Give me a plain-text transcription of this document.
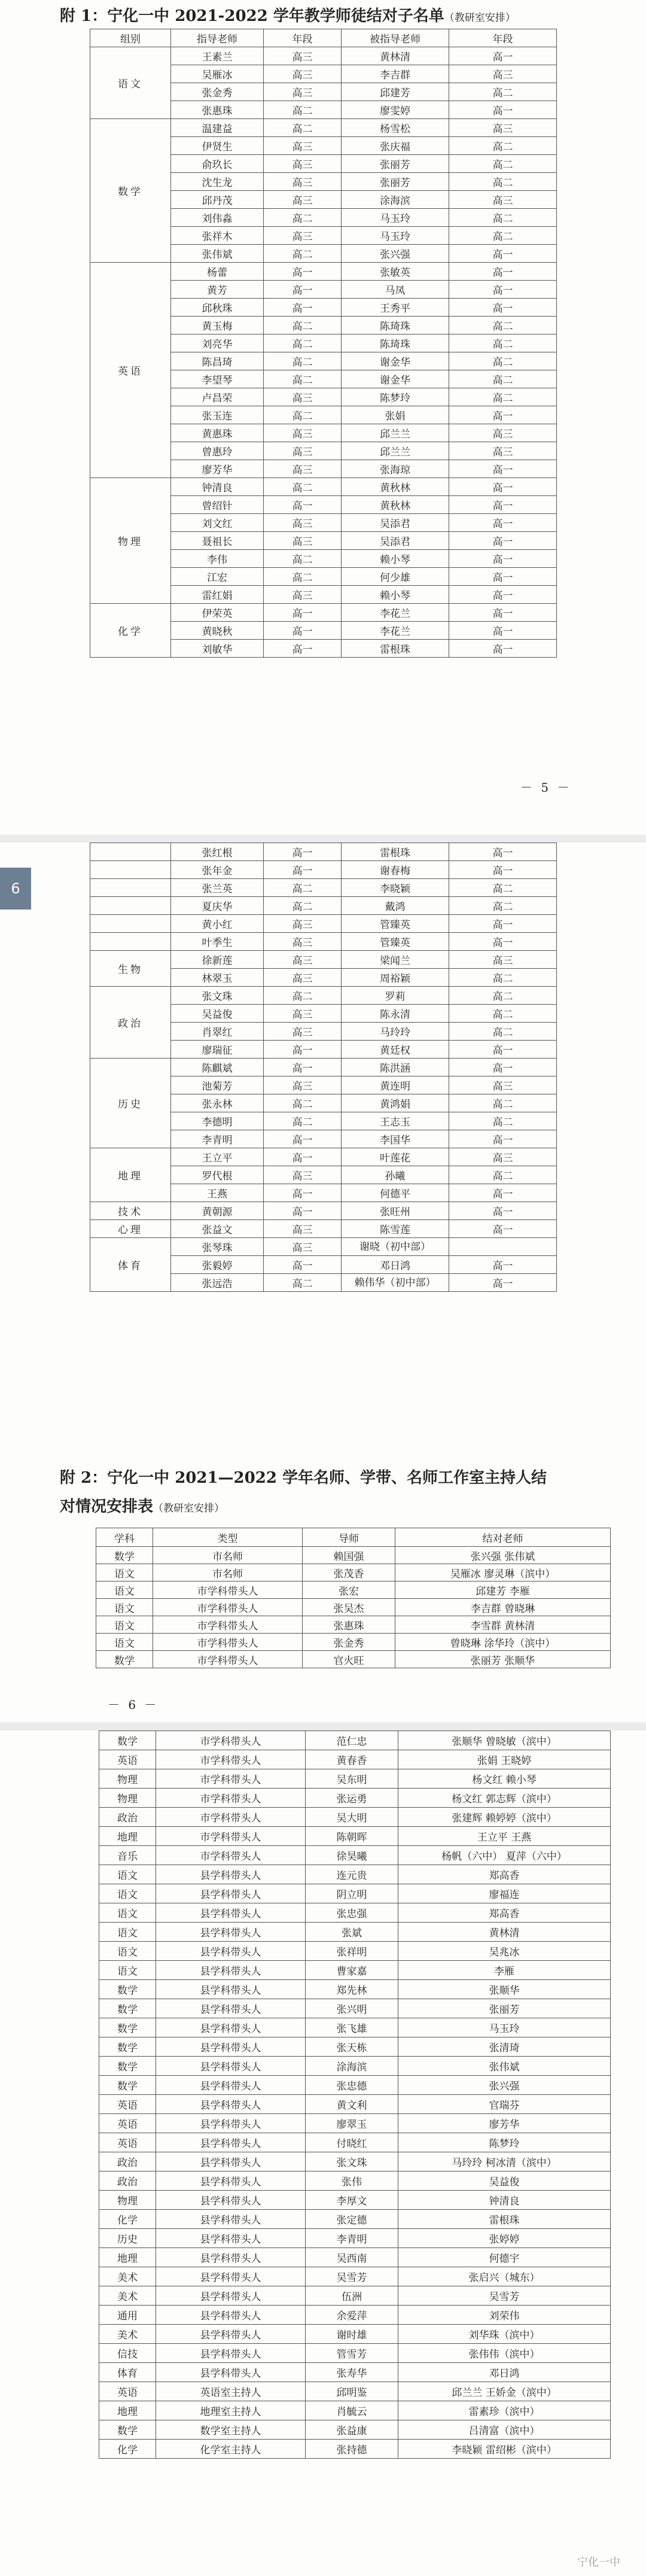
附 1：宁化一中 2021-2022 学年教学师徒结对子名单（教研室安排）
组别	指导老师	年段	被指导老师	年段
语文	王素兰	高三	黄林清	高一
	吴雁冰	高三	李吉群	高三
	张金秀	高三	邱建芳	高二
	张惠珠	高二	廖雯婷	高一
数学	温建益	高二	杨雪松	高三
	伊贤生	高三	张庆福	高二
	俞玖长	高三	张丽芳	高二
	沈生龙	高三	张丽芳	高二
	邱丹茂	高三	涂海滨	高三
	刘伟淼	高二	马玉玲	高二
	张祥木	高三	马玉玲	高二
	张伟斌	高二	张兴强	高一
英语	杨蕾	高一	张敏英	高一
	黄芳	高一	马凤	高一
	邱秋珠	高一	王秀平	高一
	黄玉梅	高二	陈琦珠	高二
	刘亮华	高二	陈琦珠	高二
	陈昌琦	高二	谢金华	高二
	李望琴	高二	谢金华	高二
	卢昌荣	高三	陈梦玲	高二
	张玉连	高二	张娟	高一
	黄惠珠	高三	邱兰兰	高三
	曾惠玲	高三	邱兰兰	高三
	廖芳华	高三	张海琼	高一
物理	钟清良	高二	黄秋林	高一
	曾绍针	高一	黄秋林	高一
	刘文红	高三	吴添君	高一
	聂祖长	高三	吴添君	高一
	李伟	高二	赖小琴	高一
	江宏	高二	何少雄	高一
	雷红娟	高三	赖小琴	高一
化学	伊荣英	高一	李花兰	高一
	黄晓秋	高一	李花兰	高一
	刘敏华	高一	雷根珠	高一
－ 5 －
	张红根	高一	雷根珠	高一
	张年金	高一	谢春梅	高一
	张兰英	高二	李晓颖	高二
	夏庆华	高二	戴鸿	高二
	黄小红	高三	管臻英	高一
	叶季生	高三	管臻英	高一
生物	徐新莲	高三	梁闻兰	高三
	林翠玉	高三	周裕颖	高二
政治	张文珠	高二	罗莉	高二
	吴益俊	高三	陈永清	高二
	肖翠红	高三	马玲玲	高二
	廖瑞征	高一	黄廷权	高一
历史	陈麒斌	高一	陈洪涵	高一
	池菊芳	高三	黄连明	高三
	张永林	高二	黄鸿娟	高二
	李德明	高二	王志玉	高二
	李青明	高一	李国华	高一
地理	王立平	高一	叶莲花	高三
	罗代根	高三	孙曦	高二
	王燕	高一	何德平	高一
技术	黄朝源	高一	张旺州	高一
心理	张益文	高三	陈雪莲	高一
体育	张琴珠	高三	谢晓（初中部）	
	张毅婷	高一	邓日鸿	高一
	张远浩	高二	赖伟华（初中部）	高一
附 2：宁化一中 2021—2022 学年名师、学带、名师工作室主持人结
对情况安排表（教研室安排）
学科	类型	导师	结对老师
数学	市名师	赖国强	张兴强 张伟斌
语文	市名师	张茂香	吴雁冰 廖灵琳（滨中）
语文	市学科带头人	张宏	邱建芳 李雁
语文	市学科带头人	张吴杰	李吉群 曾晓琳
语文	市学科带头人	张惠珠	李雪群 黄林清
语文	市学科带头人	张金秀	曾晓琳 涂华玲（滨中）
数学	市学科带头人	官火旺	张丽芳 张顺华
－ 6 －
6
数学	市学科带头人	范仁忠	张顺华 曾晓敏（滨中）
英语	市学科带头人	黄春香	张娟 王晓婷
物理	市学科带头人	吴东明	杨文红 赖小琴
物理	市学科带头人	张运勇	杨文红 郭志辉（滨中）
政治	市学科带头人	吴大明	张建辉 赖婷婷（滨中）
地理	市学科带头人	陈朝晖	王立平 王燕
音乐	市学科带头人	徐昊曦	杨帆（六中） 夏萍（六中）
语文	县学科带头人	连元贵	郑高香
语文	县学科带头人	阴立明	廖福连
语文	县学科带头人	张忠强	郑高香
语文	县学科带头人	张斌	黄林清
语文	县学科带头人	张祥明	吴兆冰
语文	县学科带头人	曹家嘉	李雁
数学	县学科带头人	郑先林	张顺华
数学	县学科带头人	张兴明	张丽芳
数学	县学科带头人	张飞雄	马玉玲
数学	县学科带头人	张天栋	张清琦
数学	县学科带头人	涂海滨	张伟斌
数学	县学科带头人	张忠德	张兴强
英语	县学科带头人	黄文利	官瑞芬
英语	县学科带头人	廖翠玉	廖芳华
英语	县学科带头人	付晓红	陈梦玲
政治	县学科带头人	张文珠	马玲玲 柯冰清（滨中）
政治	县学科带头人	张伟	吴益俊
物理	县学科带头人	李厚文	钟清良
化学	县学科带头人	张定德	雷根珠
历史	县学科带头人	李青明	张婷婷
地理	县学科带头人	吴西南	何德宇
美术	县学科带头人	吴雪芳	张启兴（城东）
美术	县学科带头人	伍洲	吴雪芳
通用	县学科带头人	余爱萍	刘荣伟
美术	县学科带头人	谢时雄	刘华珠（滨中）
信技	县学科带头人	管雪芳	张伟伟（滨中）
体育	县学科带头人	张寿华	邓日鸿
英语	英语室主持人	邱明鉴	邱兰兰 王娇金（滨中）
地理	地理室主持人	肖毓云	雷素珍（滨中）
数学	数学室主持人	张益康	吕清富（滨中）
化学	化学室主持人	张持德	李晓颖 雷绍彬（滨中）
宁化一中
